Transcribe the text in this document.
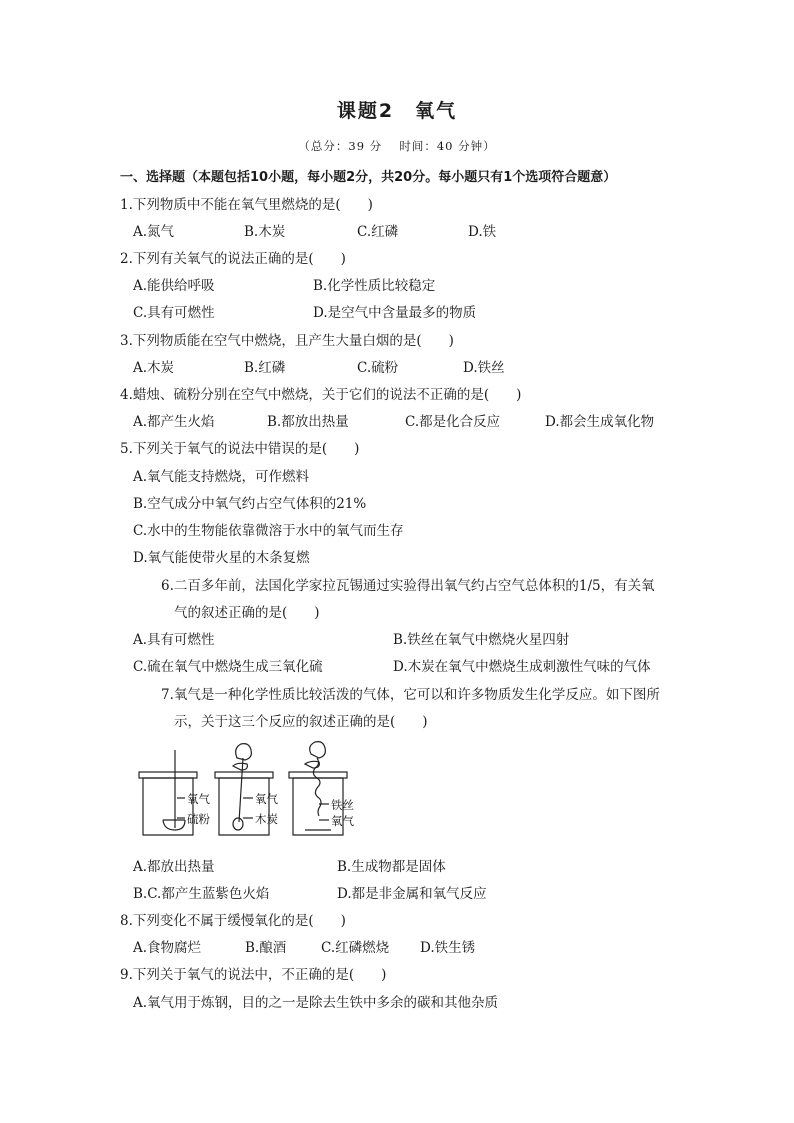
课题2　氧气
（总分：39 分　 时间：40 分钟）
一、选择题（本题包括10小题，每小题2分，共20分。每小题只有1个选项符合题意）
1.下列物质中不能在氧气里燃烧的是(　　)
A.氮气	B.木炭	C.红磷	D.铁
2.下列有关氧气的说法正确的是(　　)
A.能供给呼吸	B.化学性质比较稳定
C.具有可燃性	D.是空气中含量最多的物质
3.下列物质能在空气中燃烧，且产生大量白烟的是(　　)
A.木炭	B.红磷	C.硫粉	D.铁丝
4.蜡烛、硫粉分别在空气中燃烧，关于它们的说法不正确的是(　　)
A.都产生火焰	B.都放出热量	C.都是化合反应	D.都会生成氧化物
5.下列关于氧气的说法中错误的是(　　)
A.氧气能支持燃烧，可作燃料
B.空气成分中氧气约占空气体积的21%
C.水中的生物能依靠微溶于水中的氧气而生存
D.氧气能使带火星的木条复燃
6.二百多年前，法国化学家拉瓦锡通过实验得出氧气约占空气总体积的1/5，有关氧
气的叙述正确的是(　　)
A.具有可燃性	B.铁丝在氧气中燃烧火星四射
C.硫在氧气中燃烧生成三氧化硫	D.木炭在氧气中燃烧生成刺激性气味的气体
7.氧气是一种化学性质比较活泼的气体，它可以和许多物质发生化学反应。如下图所
示，关于这三个反应的叙述正确的是(　　)
氧气
硫粉
氧气
木炭
铁丝
氧气
A.都放出热量	B.生成物都是固体
B.C.都产生蓝紫色火焰	D.都是非金属和氧气反应
8.下列变化不属于缓慢氧化的是(　　)
A.食物腐烂	B.酿酒	C.红磷燃烧 D.铁生锈
9.下列关于氧气的说法中，不正确的是(　　)
A.氧气用于炼钢，目的之一是除去生铁中多余的碳和其他杂质
